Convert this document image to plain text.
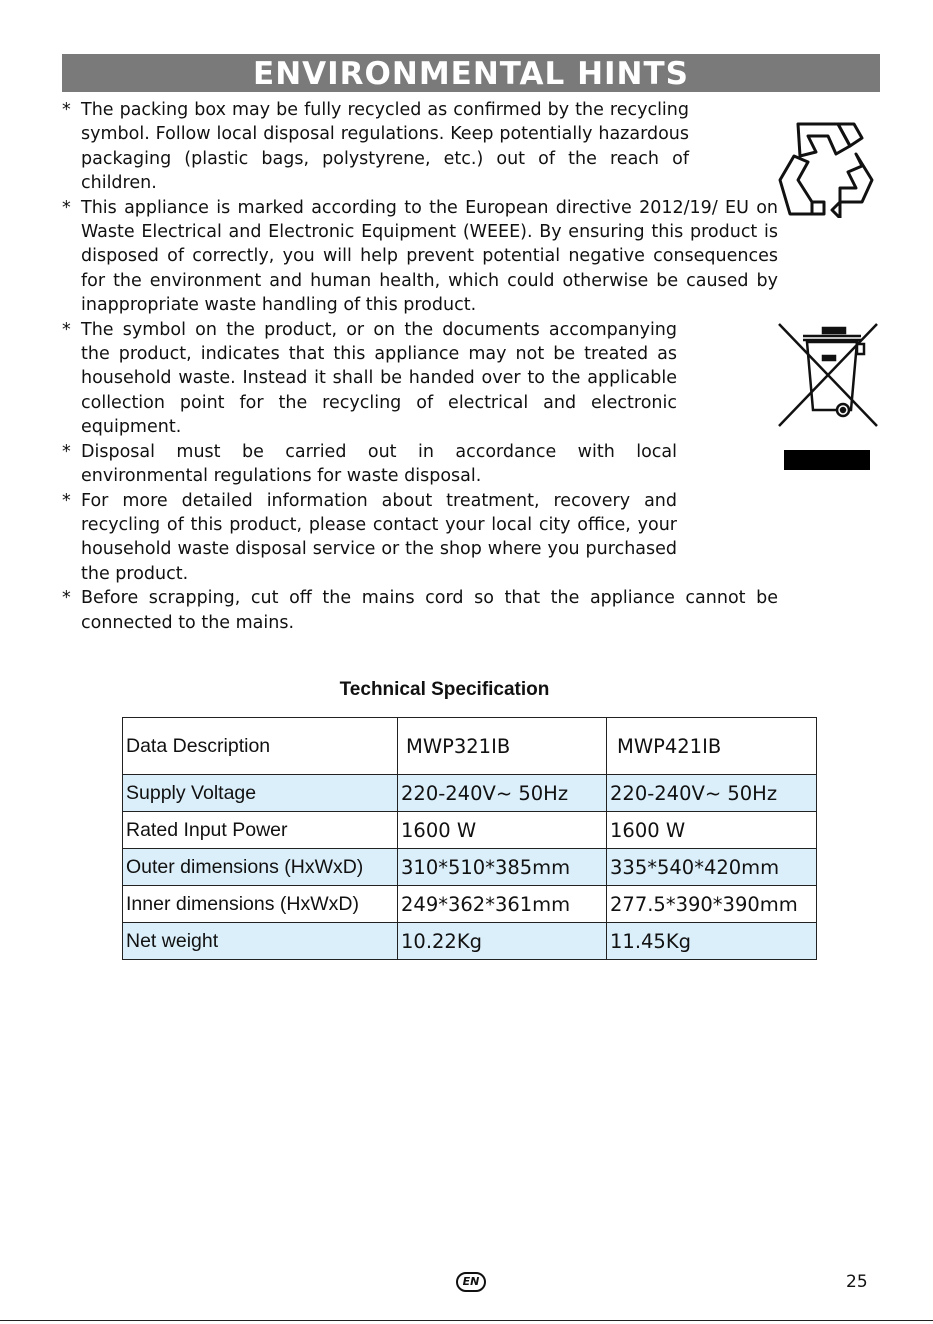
ENVIRONMENTAL HINTS
* The packing box may be fully recycled as confirmed by the recycling symbol. Follow local disposal regulations. Keep potentially hazardous packaging (plastic bags, polystyrene, etc.) out of the reach of children.
* This appliance is marked according to the European directive 2012/19/ EU on Waste Electrical and Electronic Equipment (WEEE). By ensuring this product is disposed of correctly, you will help prevent potential negative consequences for the environment and human health, which could otherwise be caused by inappropriate waste handling of this product.
* The symbol on the product, or on the documents accompanying the product, indicates that this appliance may not be treated as household waste. Instead it shall be handed over to the applicable collection point for the recycling of electrical and electronic equipment.
* Disposal must be carried out in accordance with local environmental regulations for waste disposal.
* For more detailed information about treatment, recovery and recycling of this product, please contact your local city office, your household waste disposal service or the shop where you purchased the product.
* Before scrapping, cut off the mains cord so that the appliance cannot be connected to the mains.
Technical Specification
Data Description	MWP321IB	MWP421IB
Supply Voltage	220-240V~ 50Hz	220-240V~ 50Hz
Rated Input Power	1600 W	1600 W
Outer dimensions (HxWxD)	310*510*385mm	335*540*420mm
Inner dimensions (HxWxD)	249*362*361mm	277.5*390*390mm
Net weight	10.22Kg	11.45Kg
EN	25
